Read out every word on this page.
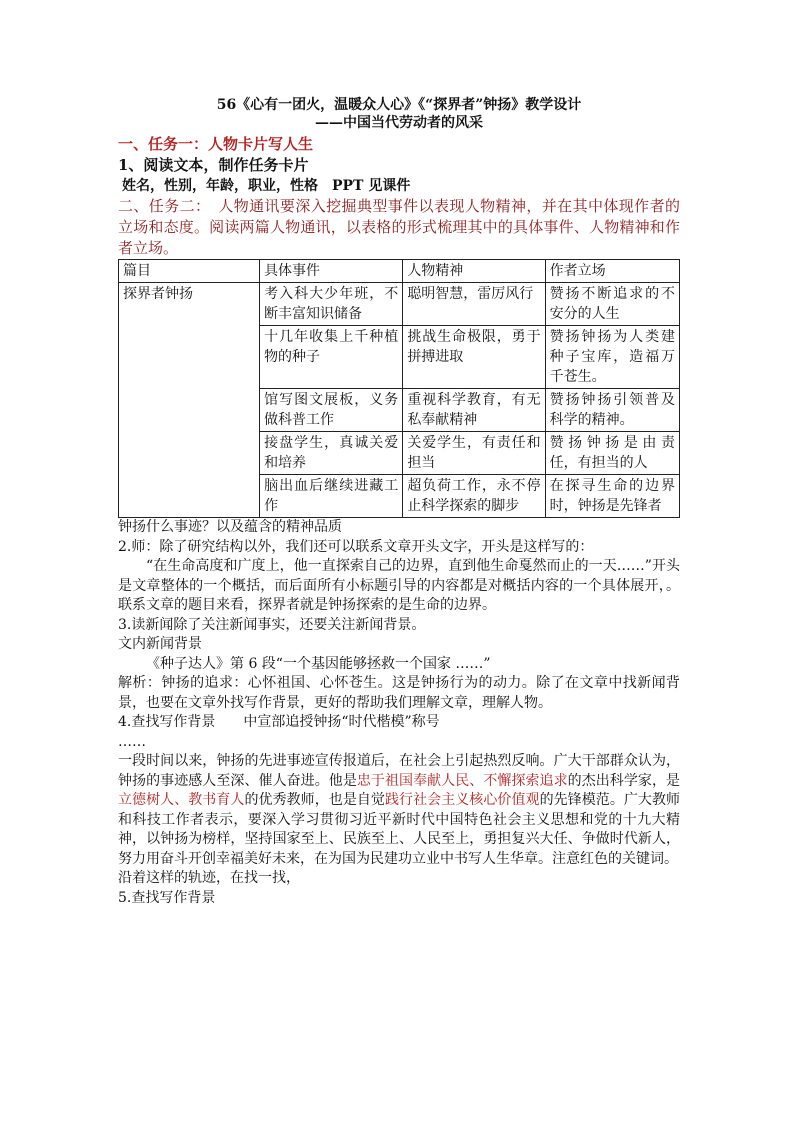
56《心有一团火，温暖众人心》《“探界者”钟扬》教学设计

——中国当代劳动者的风采

一、任务一：人物卡片写人生

1、阅读文本，制作任务卡片

姓名，性别，年龄，职业，性格　PPT 见课件

二、任务二：　人物通讯要深入挖掘典型事件以表现人物精神，并在其中体现作者的立场和态度。阅读两篇人物通讯，以表格的形式梳理其中的具体事件、人物精神和作者立场。

篇目	具体事件	人物精神	作者立场
探界者钟扬	考入科大少年班，不断丰富知识储备	聪明智慧，雷厉风行	赞扬不断追求的不安分的人生
	十几年收集上千种植物的种子	挑战生命极限，勇于拼搏进取	赞扬钟扬为人类建种子宝库，造福万千苍生。
	馆写图文展板，义务做科普工作	重视科学教育，有无私奉献精神	赞扬钟扬引领普及科学的精神。
	接盘学生，真诚关爱和培养	关爱学生，有责任和担当	赞扬钟扬是由责任，有担当的人
	脑出血后继续进藏工作	超负荷工作，永不停止科学探索的脚步	在探寻生命的边界时，钟扬是先锋者

钟扬什么事迹？以及蕴含的精神品质

2.师：除了研究结构以外，我们还可以联系文章开头文字，开头是这样写的：

“在生命高度和广度上，他一直探索自己的边界，直到他生命戛然而止的一天……”开头是文章整体的一个概括，而后面所有小标题引导的内容都是对概括内容的一个具体展开，。联系文章的题目来看，探界者就是钟扬探索的是生命的边界。

3.读新闻除了关注新闻事实，还要关注新闻背景。

文内新闻背景

《种子达人》第 6 段“一个基因能够拯救一个国家 ……”

解析：钟扬的追求：心怀祖国、心怀苍生。这是钟扬行为的动力。除了在文章中找新闻背景，也要在文章外找写作背景，更好的帮助我们理解文章，理解人物。

4.查找写作背景　　中宣部追授钟扬“时代楷模”称号

……

一段时间以来，钟扬的先进事迹宣传报道后，在社会上引起热烈反响。广大干部群众认为，钟扬的事迹感人至深、催人奋进。他是忠于祖国奉献人民、不懈探索追求的杰出科学家，是立德树人、教书育人的优秀教师，也是自觉践行社会主义核心价值观的先锋模范。广大教师和科技工作者表示，要深入学习贯彻习近平新时代中国特色社会主义思想和党的十九大精神，以钟扬为榜样，坚持国家至上、民族至上、人民至上，勇担复兴大任、争做时代新人，努力用奋斗开创幸福美好未来，在为国为民建功立业中书写人生华章。注意红色的关键词。

沿着这样的轨迹，在找一找，

5.查找写作背景
